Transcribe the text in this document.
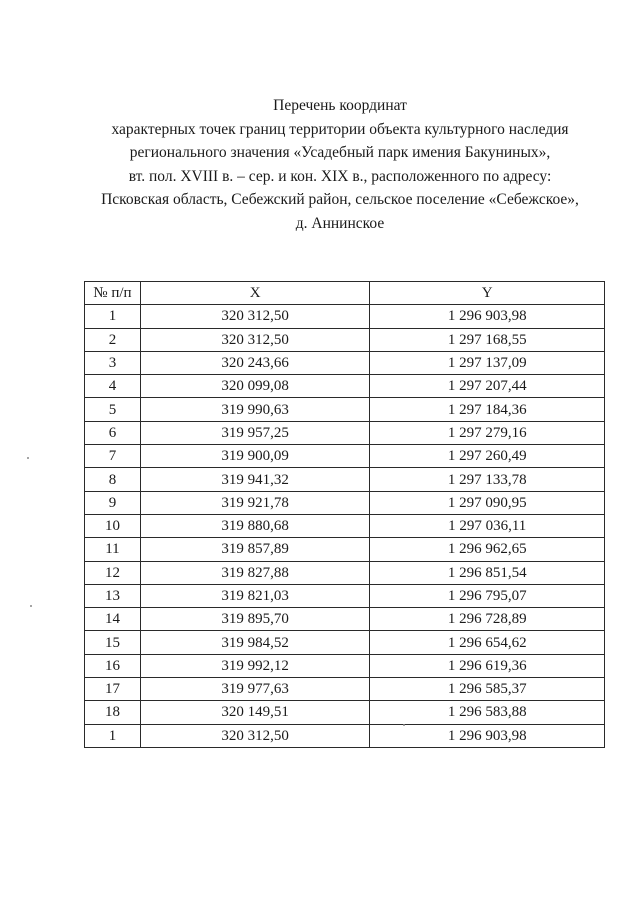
Перечень координат
характерных точек границ территории объекта культурного наследия
регионального значения «Усадебный парк имения Бакуниных»,
вт. пол. XVIII в. – сер. и кон. XIX в., расположенного по адресу:
Псковская область, Себежский район, сельское поселение «Себежское»,
д. Аннинское
№ п/п	X	Y
1	320 312,50	1 296 903,98
2	320 312,50	1 297 168,55
3	320 243,66	1 297 137,09
4	320 099,08	1 297 207,44
5	319 990,63	1 297 184,36
6	319 957,25	1 297 279,16
7	319 900,09	1 297 260,49
8	319 941,32	1 297 133,78
9	319 921,78	1 297 090,95
10	319 880,68	1 297 036,11
11	319 857,89	1 296 962,65
12	319 827,88	1 296 851,54
13	319 821,03	1 296 795,07
14	319 895,70	1 296 728,89
15	319 984,52	1 296 654,62
16	319 992,12	1 296 619,36
17	319 977,63	1 296 585,37
18	320 149,51	1 296 583,88
1	320 312,50	1 296 903,98
